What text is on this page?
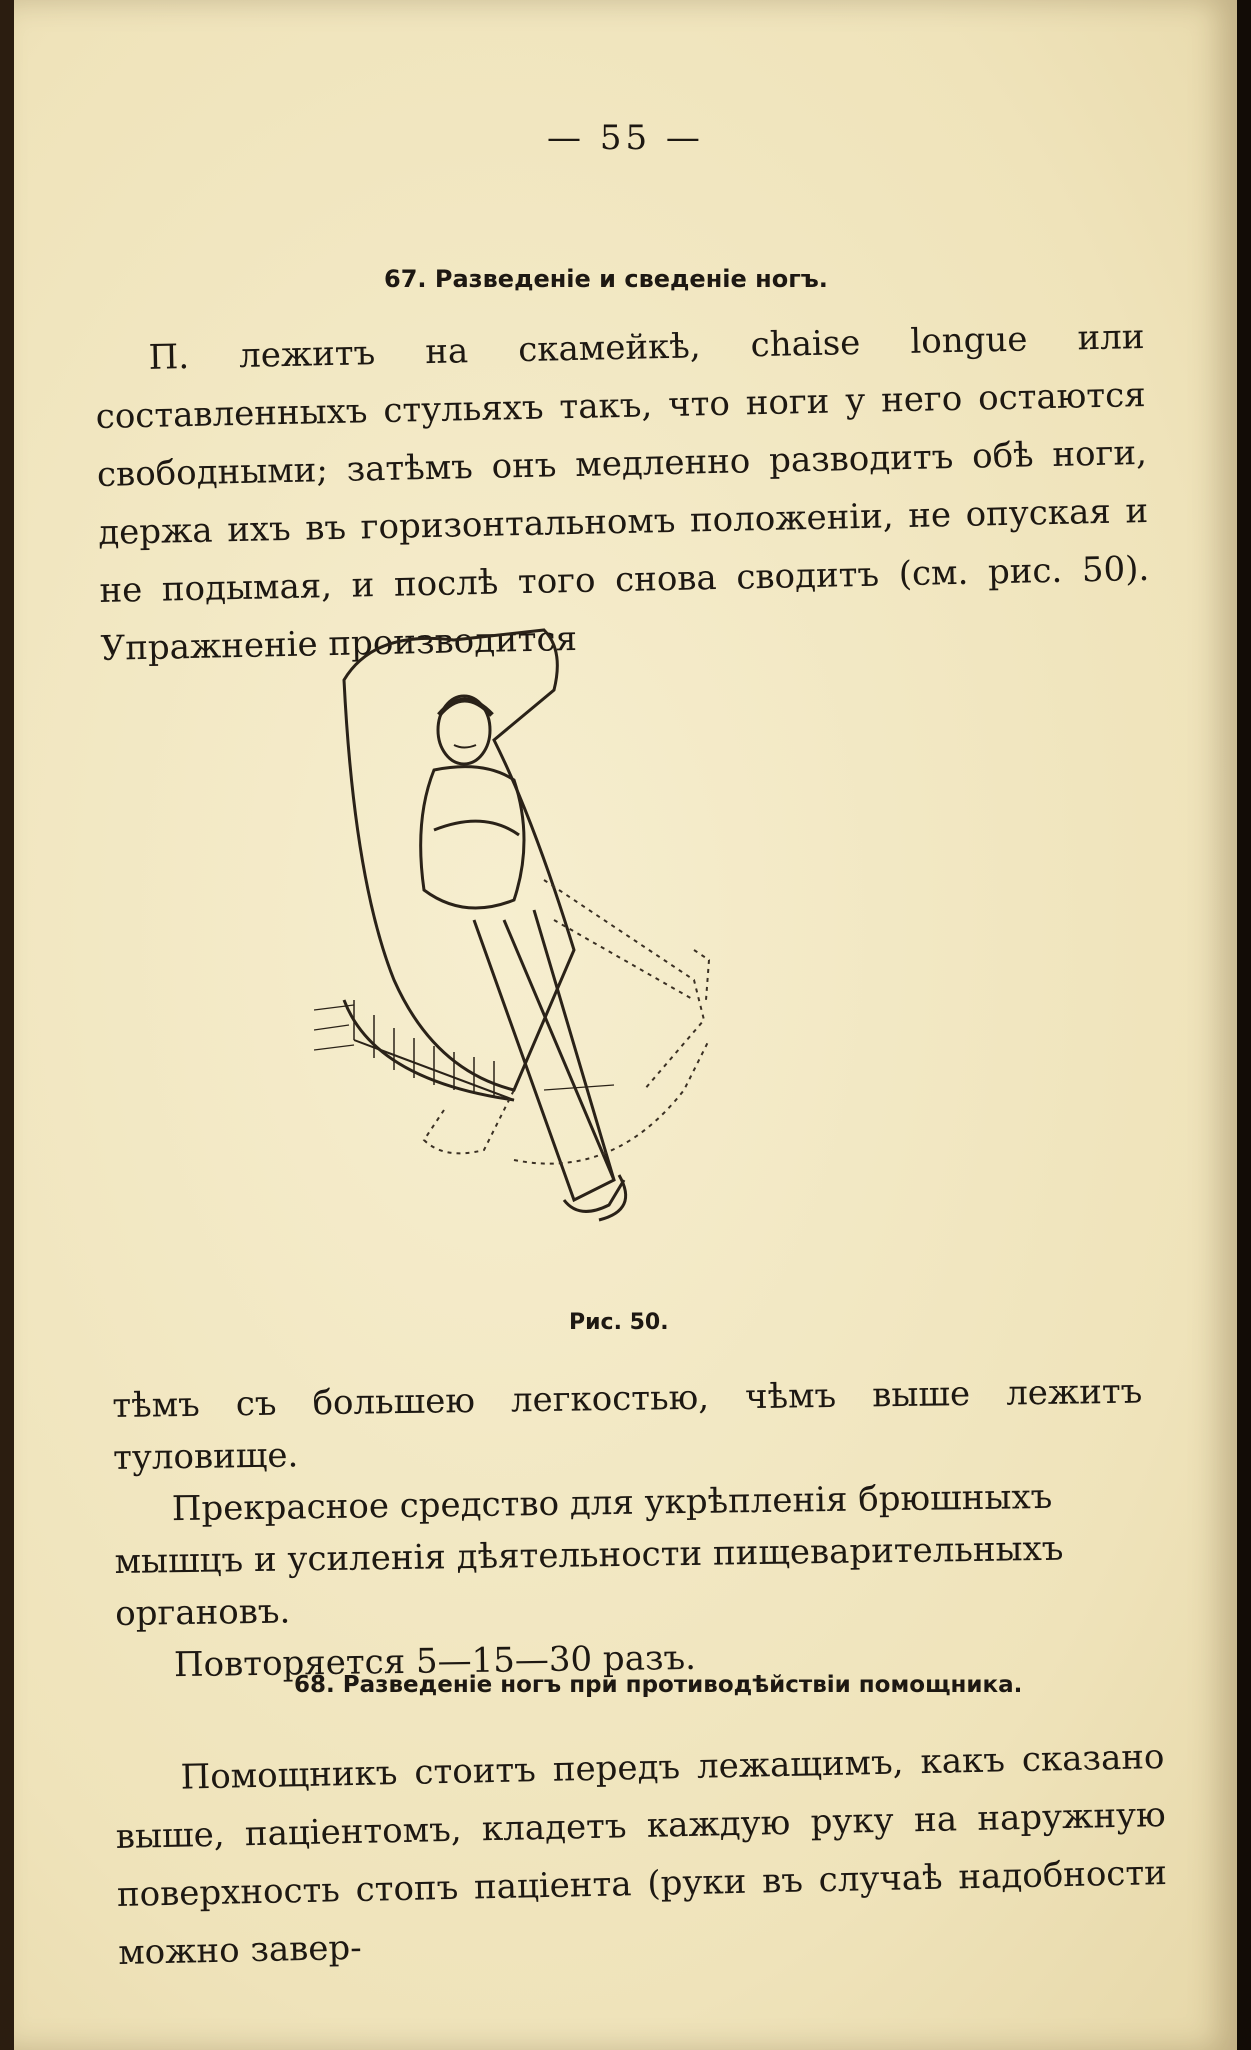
— 55 —
67. Разведенiе и сведенiе ногъ.
П. лежитъ на скамейкѣ, chaise longue или составленныхъ стульяхъ такъ, что ноги у него остаются свободными; затѣмъ онъ медленно разводитъ обѣ ноги, держа ихъ въ горизонтальномъ положенiи, не опуская и не подымая, и послѣ того снова сводитъ (см. рис. 50). Упражненiе производится
Рис. 50.
тѣмъ съ большею легкостью, чѣмъ выше лежитъ туловище.
Прекрасное средство для укрѣпленiя брюшныхъ мышцъ и усиленiя дѣятельности пищеварительныхъ органовъ.
Повторяется 5—15—30 разъ.
68. Разведенiе ногъ при противодѣйствiи помощника.
Помощникъ стоитъ передъ лежащимъ, какъ сказано выше, пацiентомъ, кладетъ каждую руку на наружную поверхность стопъ пацiента (руки въ случаѣ надобности можно завер-
